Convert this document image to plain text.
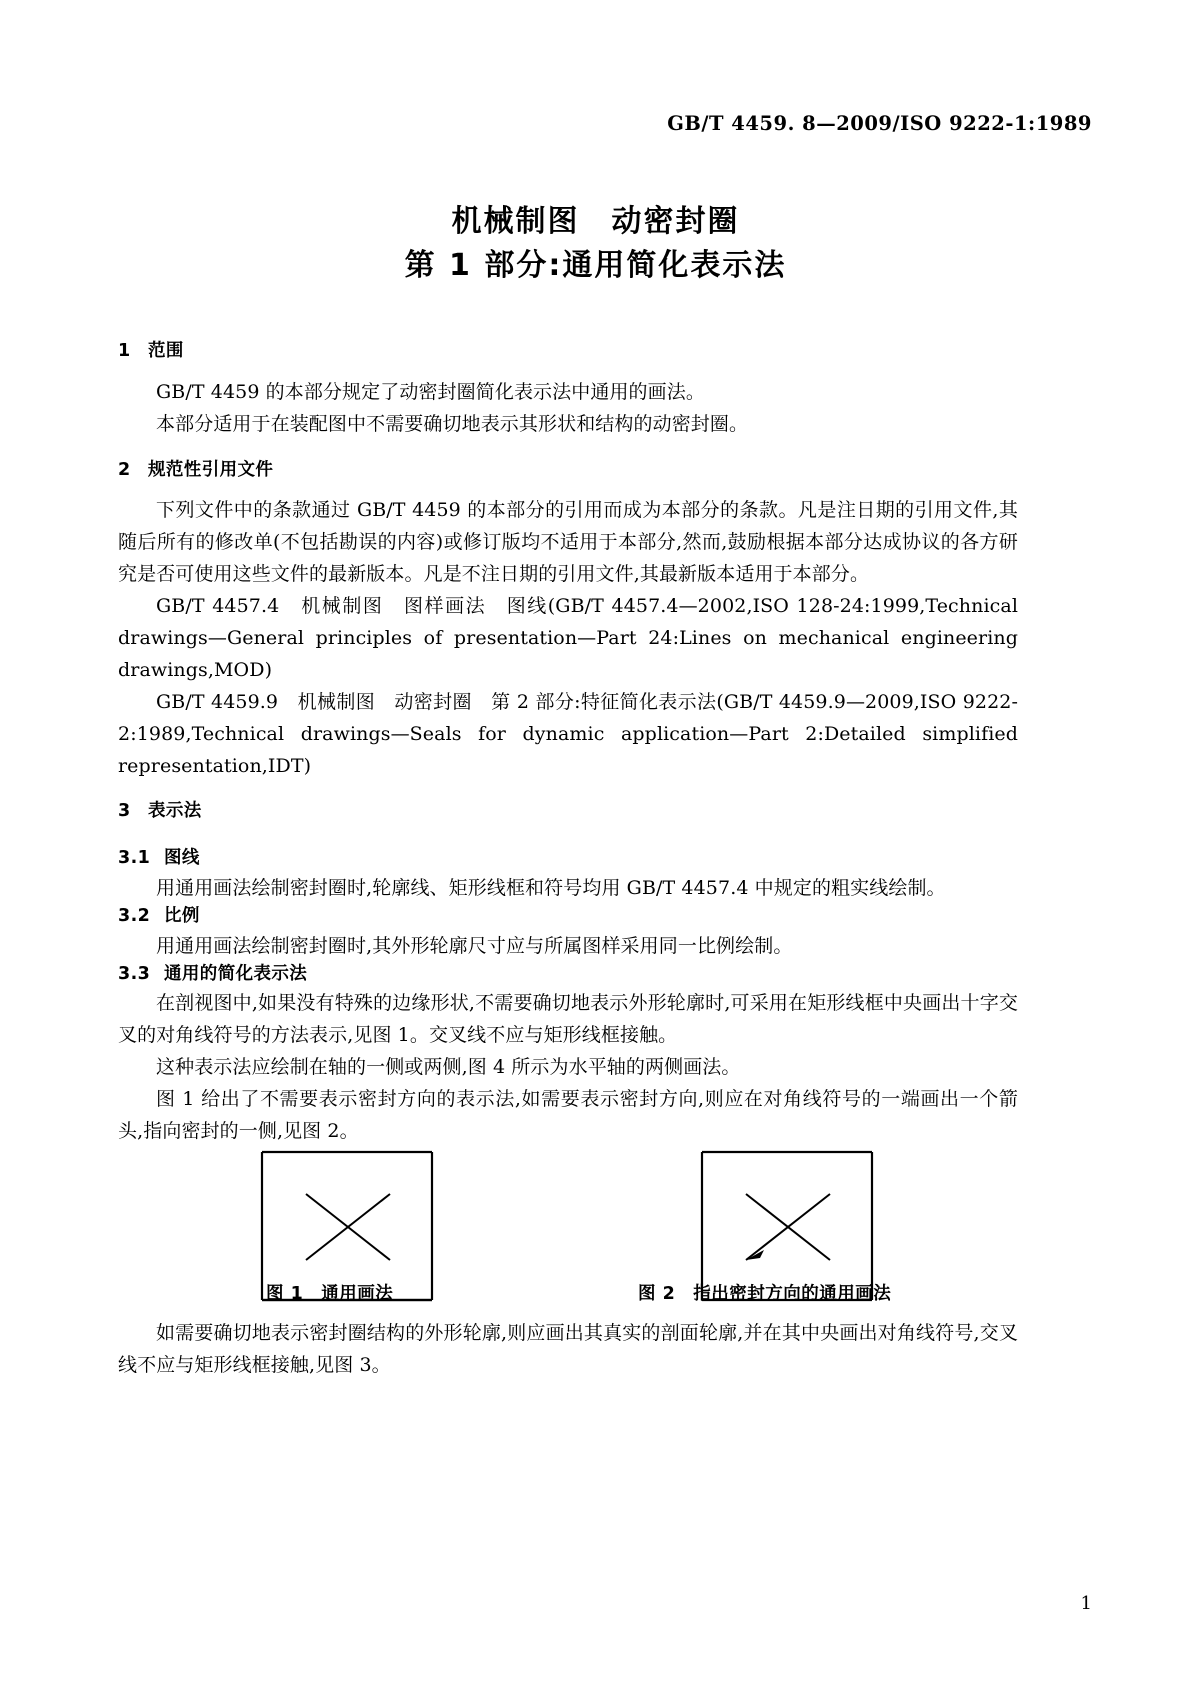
GB/T 4459. 8—2009/ISO 9222-1:1989
机械制图　动密封圈
第 1 部分:通用简化表示法
1 范围

GB/T 4459 的本部分规定了动密封圈简化表示法中通用的画法。

本部分适用于在装配图中不需要确切地表示其形状和结构的动密封圈。

2 规范性引用文件

下列文件中的条款通过 GB/T 4459 的本部分的引用而成为本部分的条款。凡是注日期的引用文件,其随后所有的修改单(不包括勘误的内容)或修订版均不适用于本部分,然而,鼓励根据本部分达成协议的各方研究是否可使用这些文件的最新版本。凡是不注日期的引用文件,其最新版本适用于本部分。

GB/T 4457.4　机械制图　图样画法　图线(GB/T 4457.4—2002,ISO 128-24:1999,Technical drawings—General principles of presentation—Part 24:Lines on mechanical engineering drawings,MOD)

GB/T 4459.9　机械制图　动密封圈　第 2 部分:特征简化表示法(GB/T 4459.9—2009,ISO 9222-2:1989,Technical drawings—Seals for dynamic application—Part 2:Detailed simplified representation,IDT)

3 表示法
3.1 图线

用通用画法绘制密封圈时,轮廓线、矩形线框和符号均用 GB/T 4457.4 中规定的粗实线绘制。

3.2 比例

用通用画法绘制密封圈时,其外形轮廓尺寸应与所属图样采用同一比例绘制。

3.3 通用的简化表示法

在剖视图中,如果没有特殊的边缘形状,不需要确切地表示外形轮廓时,可采用在矩形线框中央画出十字交叉的对角线符号的方法表示,见图 1。交叉线不应与矩形线框接触。

这种表示法应绘制在轴的一侧或两侧,图 4 所示为水平轴的两侧画法。

图 1 给出了不需要表示密封方向的表示法,如需要表示密封方向,则应在对角线符号的一端画出一个箭头,指向密封的一侧,见图 2。

图 1　通用画法	图 2　指出密封方向的通用画法

如需要确切地表示密封圈结构的外形轮廓,则应画出其真实的剖面轮廓,并在其中央画出对角线符号,交叉线不应与矩形线框接触,见图 3。

1
